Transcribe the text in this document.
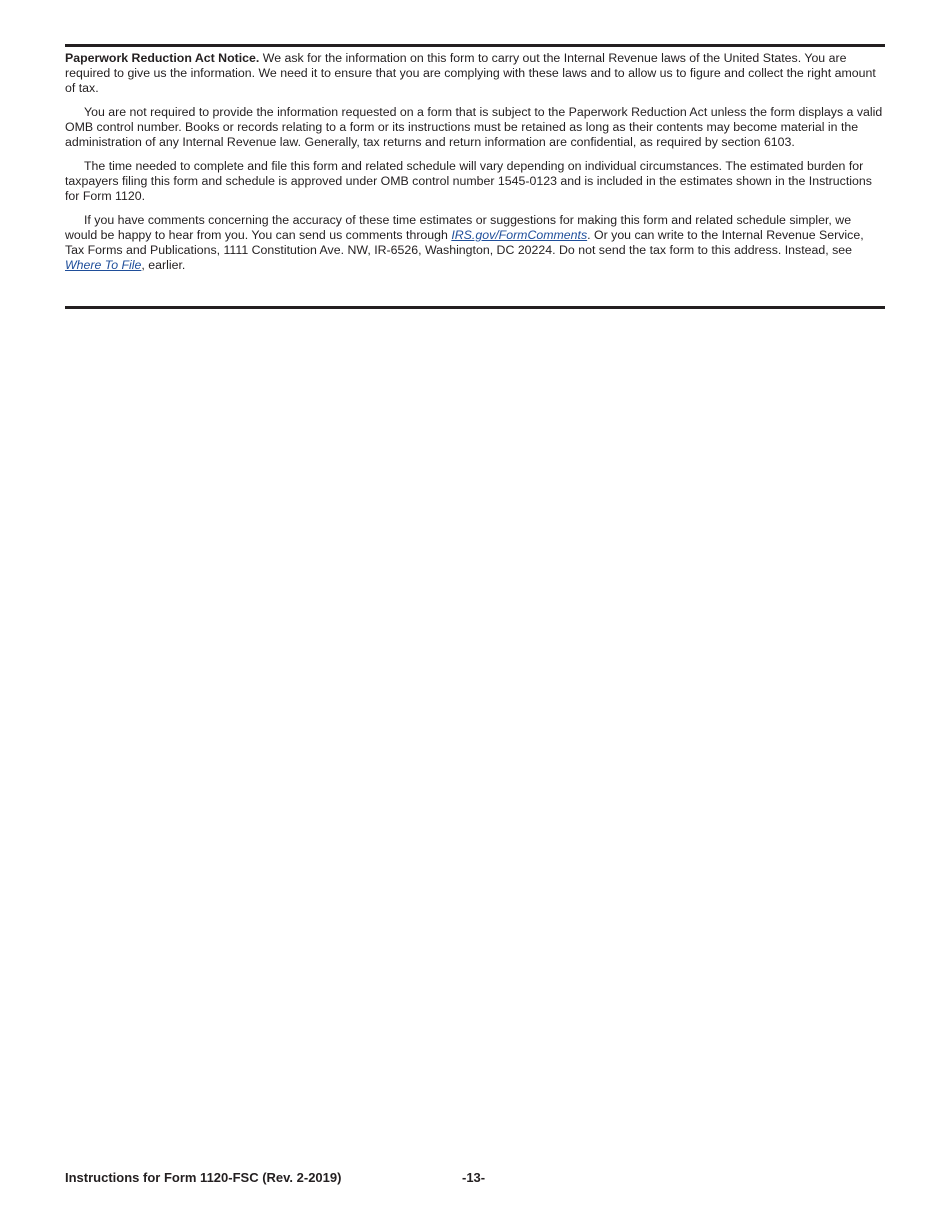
Paperwork Reduction Act Notice. We ask for the information on this form to carry out the Internal Revenue laws of the United States. You are required to give us the information. We need it to ensure that you are complying with these laws and to allow us to figure and collect the right amount of tax.

You are not required to provide the information requested on a form that is subject to the Paperwork Reduction Act unless the form displays a valid OMB control number. Books or records relating to a form or its instructions must be retained as long as their contents may become material in the administration of any Internal Revenue law. Generally, tax returns and return information are confidential, as required by section 6103.

The time needed to complete and file this form and related schedule will vary depending on individual circumstances. The estimated burden for taxpayers filing this form and schedule is approved under OMB control number 1545-0123 and is included in the estimates shown in the Instructions for Form 1120.

If you have comments concerning the accuracy of these time estimates or suggestions for making this form and related schedule simpler, we would be happy to hear from you. You can send us comments through IRS.gov/FormComments. Or you can write to the Internal Revenue Service, Tax Forms and Publications, 1111 Constitution Ave. NW, IR-6526, Washington, DC 20224. Do not send the tax form to this address. Instead, see Where To File, earlier.

Instructions for Form 1120-FSC (Rev. 2-2019)	-13-
